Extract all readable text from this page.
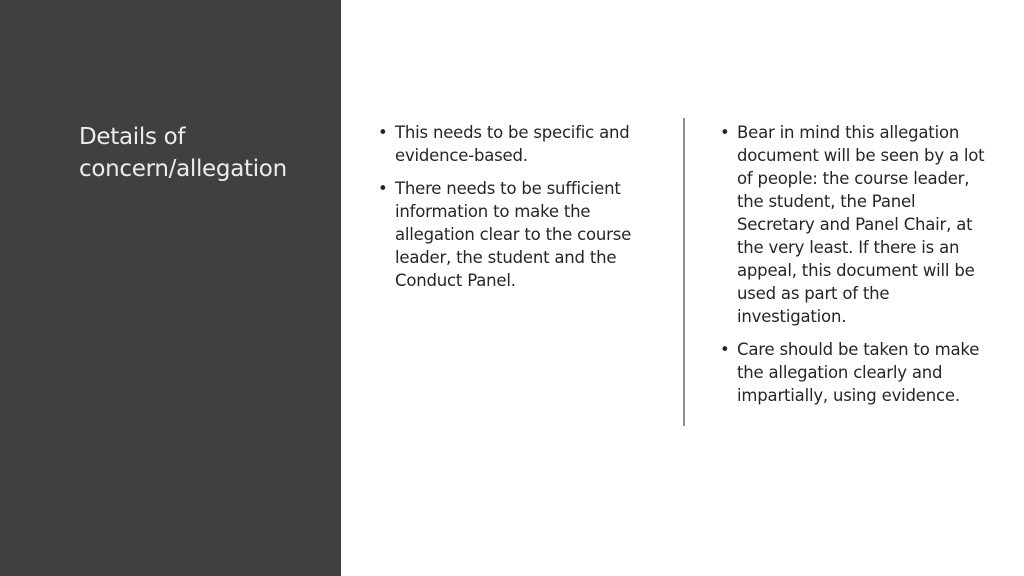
Details of concern/allegation
• This needs to be specific and evidence-based.
• There needs to be sufficient information to make the allegation clear to the course leader, the student and the Conduct Panel.
• Bear in mind this allegation document will be seen by a lot of people: the course leader, the student, the Panel Secretary and Panel Chair, at the very least. If there is an appeal, this document will be used as part of the investigation.
• Care should be taken to make the allegation clearly and impartially, using evidence.
